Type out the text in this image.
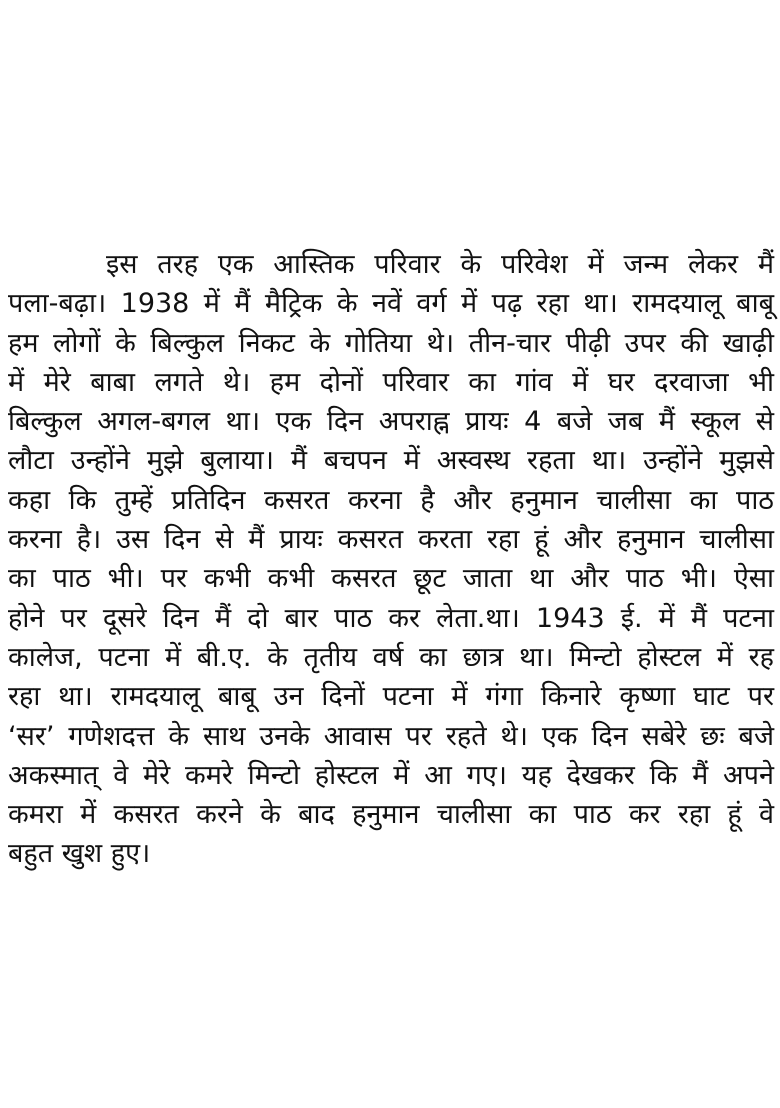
इस तरह एक आस्तिक परिवार के परिवेश में जन्म लेकर मैं
पला-बढ़ा। 1938 में मैं मैट्रिक के नवें वर्ग में पढ़ रहा था। रामदयालू बाबू
हम लोगों के बिल्कुल निकट के गोतिया थे। तीन-चार पीढ़ी उपर की खाढ़ी
में मेरे बाबा लगते थे। हम दोनों परिवार का गांव में घर दरवाजा भी
बिल्कुल अगल-बगल था। एक दिन अपराह्न प्रायः 4 बजे जब मैं स्कूल से
लौटा उन्होंने मुझे बुलाया। मैं बचपन में अस्वस्थ रहता था। उन्होंने मुझसे
कहा कि तुम्हें प्रतिदिन कसरत करना है और हनुमान चालीसा का पाठ
करना है। उस दिन से मैं प्रायः कसरत करता रहा हूं और हनुमान चालीसा
का पाठ भी। पर कभी कभी कसरत छूट जाता था और पाठ भी। ऐसा
होने पर दूसरे दिन मैं दो बार पाठ कर लेता.था। 1943 ई. में मैं पटना
कालेज, पटना में बी.ए. के तृतीय वर्ष का छात्र था। मिन्टो होस्टल में रह
रहा था। रामदयालू बाबू उन दिनों पटना में गंगा किनारे कृष्णा घाट पर
‘सर’ गणेशदत्त के साथ उनके आवास पर रहते थे। एक दिन सबेरे छः बजे
अकस्मात् वे मेरे कमरे मिन्टो होस्टल में आ गए। यह देखकर कि मैं अपने
कमरा में कसरत करने के बाद हनुमान चालीसा का पाठ कर रहा हूं वे
बहुत खुश हुए।
